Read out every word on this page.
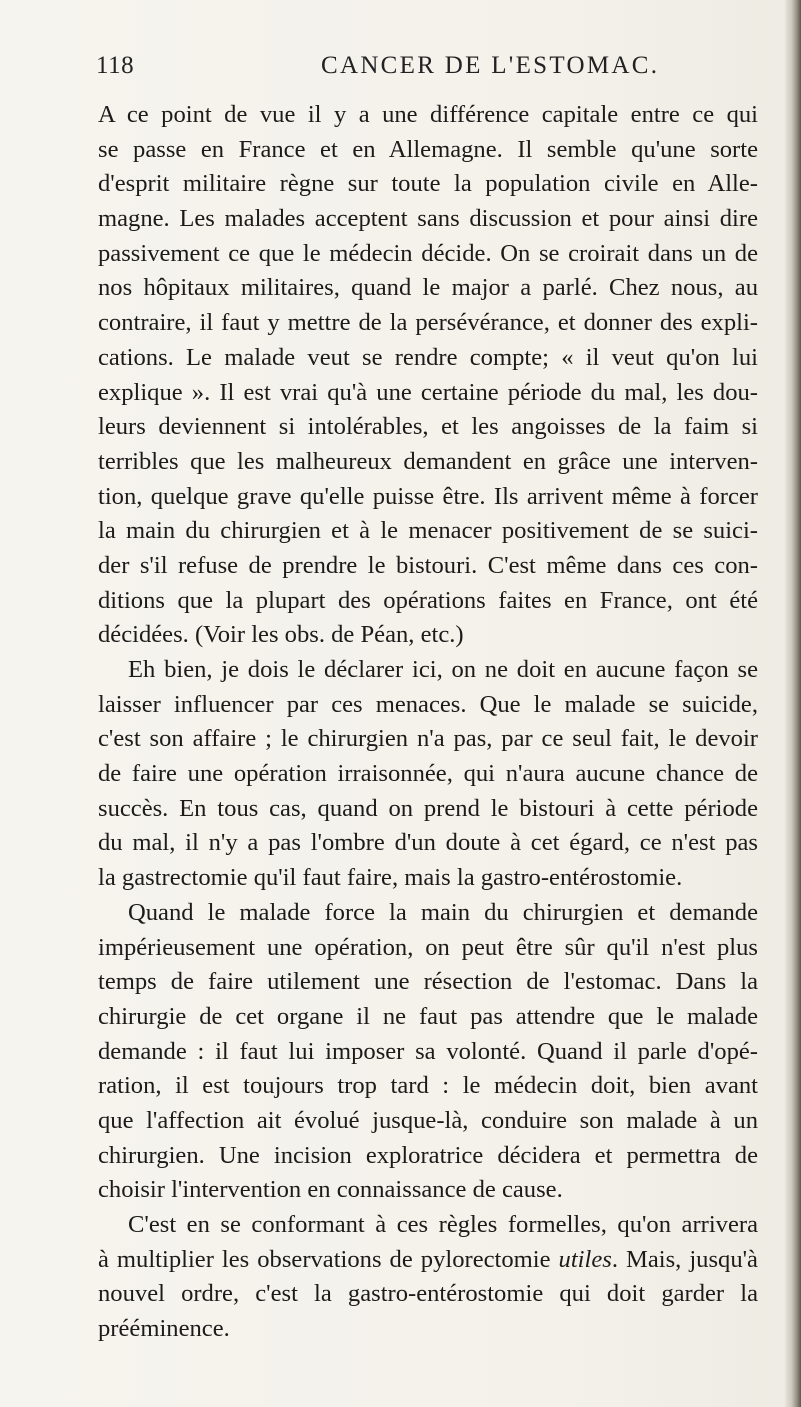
118	CANCER DE L'ESTOMAC.
A ce point de vue il y a une différence capitale entre ce qui
se passe en France et en Allemagne. Il semble qu'une sorte
d'esprit militaire règne sur toute la population civile en Alle-
magne. Les malades acceptent sans discussion et pour ainsi dire
passivement ce que le médecin décide. On se croirait dans un de
nos hôpitaux militaires, quand le major a parlé. Chez nous, au
contraire, il faut y mettre de la persévérance, et donner des expli-
cations. Le malade veut se rendre compte; « il veut qu'on lui
explique ». Il est vrai qu'à une certaine période du mal, les dou-
leurs deviennent si intolérables, et les angoisses de la faim si
terribles que les malheureux demandent en grâce une interven-
tion, quelque grave qu'elle puisse être. Ils arrivent même à forcer
la main du chirurgien et à le menacer positivement de se suici-
der s'il refuse de prendre le bistouri. C'est même dans ces con-
ditions que la plupart des opérations faites en France, ont été
décidées. (Voir les obs. de Péan, etc.)
Eh bien, je dois le déclarer ici, on ne doit en aucune façon se
laisser influencer par ces menaces. Que le malade se suicide,
c'est son affaire ; le chirurgien n'a pas, par ce seul fait, le devoir
de faire une opération irraisonnée, qui n'aura aucune chance de
succès. En tous cas, quand on prend le bistouri à cette période
du mal, il n'y a pas l'ombre d'un doute à cet égard, ce n'est pas
la gastrectomie qu'il faut faire, mais la gastro-entérostomie.
Quand le malade force la main du chirurgien et demande
impérieusement une opération, on peut être sûr qu'il n'est plus
temps de faire utilement une résection de l'estomac. Dans la
chirurgie de cet organe il ne faut pas attendre que le malade
demande : il faut lui imposer sa volonté. Quand il parle d'opé-
ration, il est toujours trop tard : le médecin doit, bien avant
que l'affection ait évolué jusque-là, conduire son malade à un
chirurgien. Une incision exploratrice décidera et permettra de
choisir l'intervention en connaissance de cause.
C'est en se conformant à ces règles formelles, qu'on arrivera
à multiplier les observations de pylorectomie utiles. Mais, jusqu'à
nouvel ordre, c'est la gastro-entérostomie qui doit garder la
prééminence.
